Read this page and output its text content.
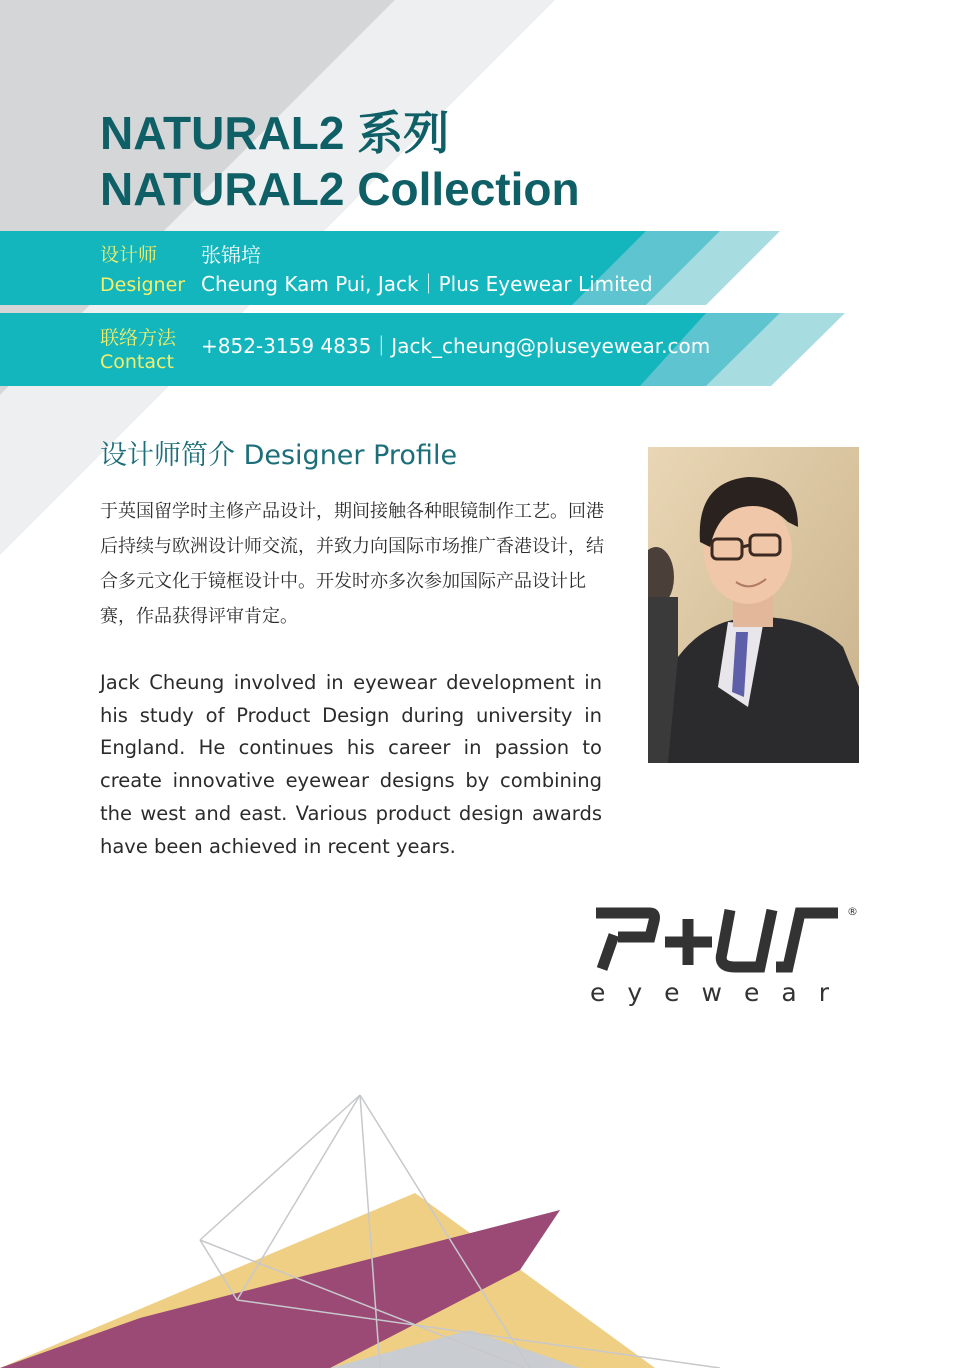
NATURAL2 系列
NATURAL2 Collection
设计师
Designer
张锦培
Cheung Kam Pui, Jack｜Plus Eyewear Limited
联络方法
Contact
+852-3159 4835｜Jack_cheung@pluseyewear.com
设计师简介 Designer Profile
于英国留学时主修产品设计，期间接触各种眼镜制作工艺。回港后持续与欧洲设计师交流，并致力向国际市场推广香港设计，结合多元文化于镜框设计中。开发时亦多次参加国际产品设计比赛，作品获得评审肯定。
Jack Cheung involved in eyewear development in his study of Product Design during university in England. He continues his career in passion to create innovative eyewear designs by combining the west and east. Various product design awards have been achieved in recent years.
®
eyewear
